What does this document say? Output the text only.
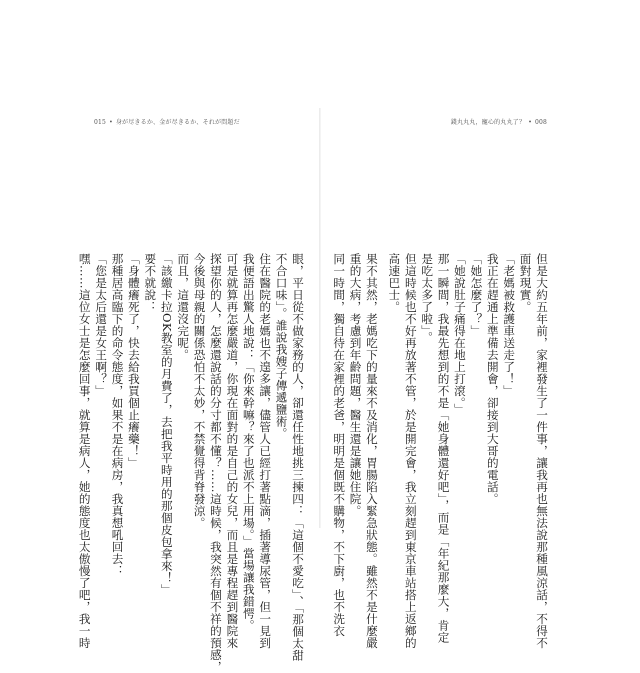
眼，平日從不做家務的人，卻還任性地挑三揀四：「這個不愛吃」、「那個太甜
不合口味」。誰說我嫂子傳遞鹽術。
住在醫院的老媽也不遑多讓，儘管人已經打著點滴，插著導尿管，但一見到
我便語出驚人地說：「你來幹嘛？來了也派不上用場。」當場讓我錯愕。
可是就算再怎麼嚴道，你現在面對的是自己的女兒，而且是專程趕到醫院來
探望你的人，怎麼還說話的分寸都不懂？……這時候，我突然有個不祥的預感，
今後與母親的關係恐怕不太妙，不禁覺得背脊發涼。
而且，這還沒完呢。
「該繳卡拉OK教室的月費了，去把我平時用的那個皮包拿來！」
要不就說：
「身體癢死了，快去給我買個止癢藥！」
那種居高臨下的命令態度，如果不是在病房，我真想吼回去：
「您是太后還是女王啊？」
嘿……這位女士是怎麼回事，就算是病人，她的態度也太傲慢了吧，我一時	但是大約五年前，家裡發生了一件事，讓我再也無法說那種風涼話，不得不
面對現實。
「老媽被救護車送走了！」
我正在趕通上準備去開會，卻接到大哥的電話。
「她怎麼了？」
「她說肚子痛得在地上打滾。」
那一瞬間，我最先想到的不是「她身體還好吧」，而是「年紀那麼大，肯定
是吃太多了啦」。
但這時候也不好再放著不管，於是開完會，我立刻趕到東京車站搭上返鄉的
高速巴士。
果不其然，老媽吃下的量來不及消化，胃腸陷入緊急狀態。雖然不是什麼嚴
重的大病，考慮到年齡問題，醫生還是讓她住院。
同一時間，獨自待在家裡的老爸，明明是個既不購物，不下廚，也不洗衣
015 • 身が尽きるか、金が尽きるか、それが問題だ	錢丸丸丸，寵心的丸丸了？ • 008
